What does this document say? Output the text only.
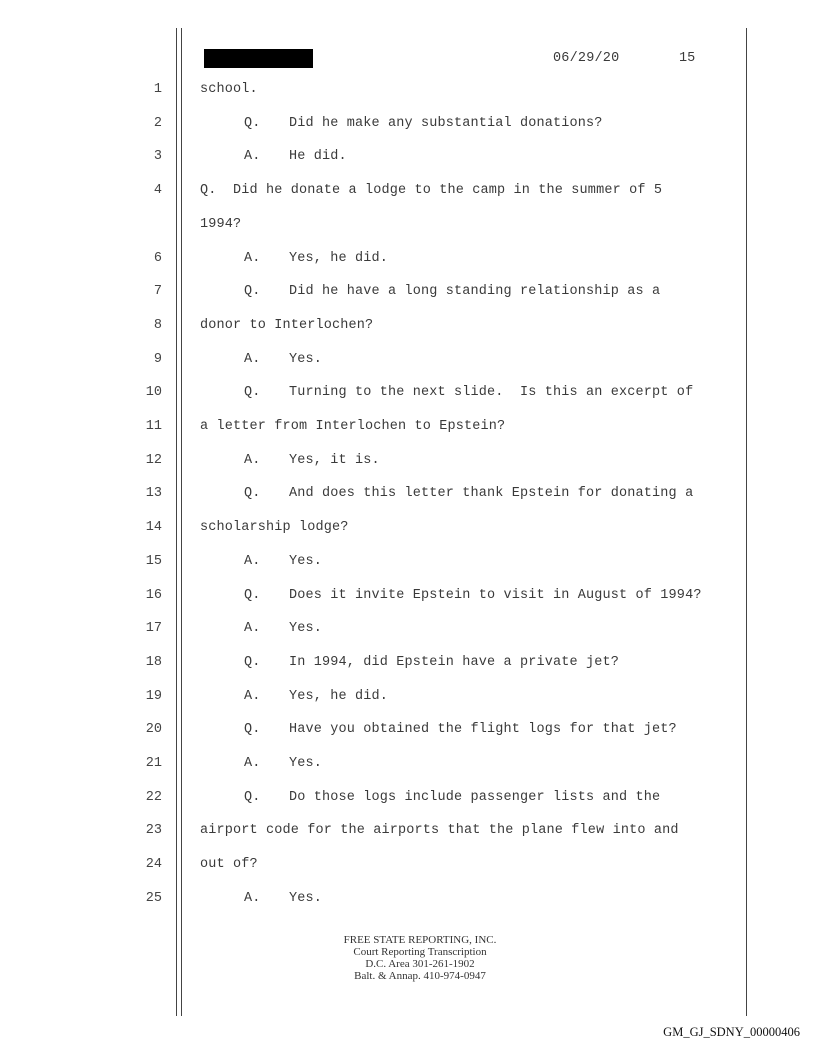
06/29/20	15
1	school.
2	Q. Did he make any substantial donations?
3	A. He did.
4	Q.  Did he donate a lodge to the camp in the summer of 5
1994?
6	A. Yes, he did.
7	Q. Did he have a long standing relationship as a
8	donor to Interlochen?
9	A. Yes.
10	Q. Turning to the next slide.  Is this an excerpt of
11	a letter from Interlochen to Epstein?
12	A. Yes, it is.
13	Q. And does this letter thank Epstein for donating a
14	scholarship lodge?
15	A. Yes.
16	Q. Does it invite Epstein to visit in August of 1994?
17	A. Yes.
18	Q. In 1994, did Epstein have a private jet?
19	A. Yes, he did.
20	Q. Have you obtained the flight logs for that jet?
21	A. Yes.
22	Q. Do those logs include passenger lists and the
23	airport code for the airports that the plane flew into and
24	out of?
25	A. Yes.
FREE STATE REPORTING, INC.
Court Reporting Transcription
D.C. Area 301-261-1902
Balt. & Annap. 410-974-0947
GM_GJ_SDNY_00000406
